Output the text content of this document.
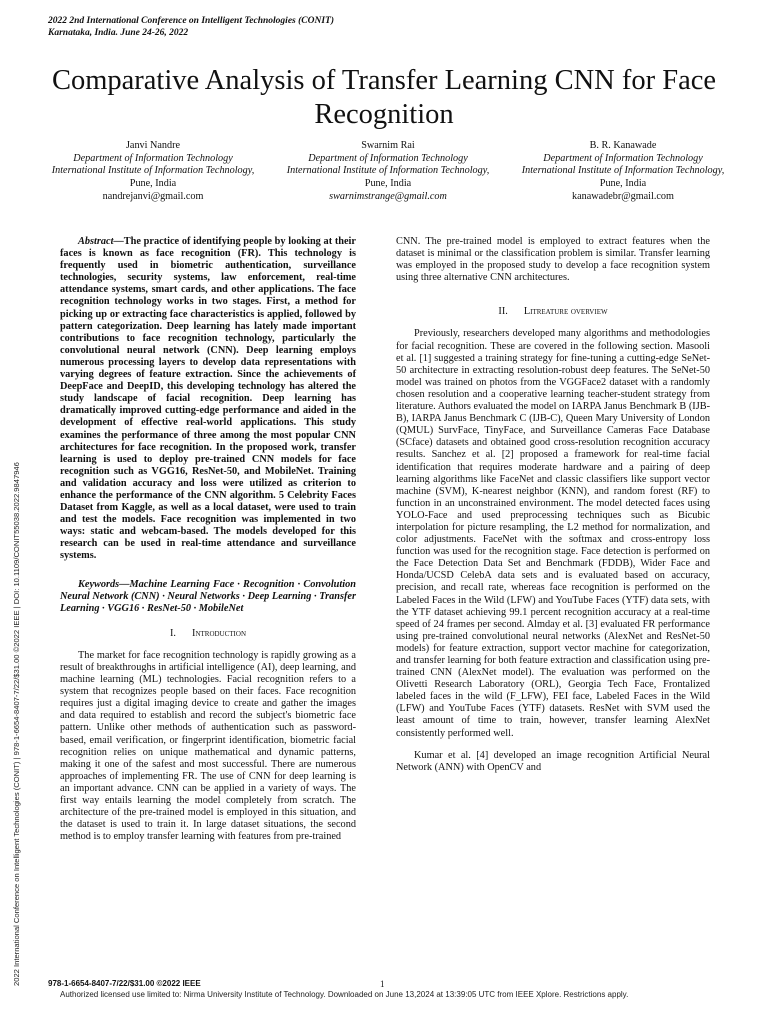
2022 2nd International Conference on Intelligent Technologies (CONIT)
Karnataka, India. June 24-26, 2022
Comparative Analysis of Transfer Learning CNN for Face Recognition
Janvi Nandre
Department of Information Technology
International Institute of Information Technology,
Pune, India
nandrejanvi@gmail.com
Swarnim Rai
Department of Information Technology
International Institute of Information Technology,
Pune, India
swarnimstrange@gmail.com
B. R. Kanawade
Department of Information Technology
International Institute of Information Technology,
Pune, India
kanawadebr@gmail.com
2022 International Conference on Intelligent Technologies (CONIT) | 978-1-6654-8407-7/22/$31.00 ©2022 IEEE | DOI: 10.1109/CONIT55038.2022.9847946

Abstract—The practice of identifying people by looking at their faces is known as face recognition (FR). This technology is frequently used in biometric authentication, surveillance technologies, security systems, law enforcement, real-time attendance systems, smart cards, and other applications. The face recognition technology works in two stages. First, a method for picking up or extracting face characteristics is applied, followed by pattern categorization. Deep learning has lately made important contributions to face recognition technology, particularly the convolutional neural network (CNN). Deep learning employs numerous processing layers to develop data representations with varying degrees of feature extraction. Since the achievements of DeepFace and DeepID, this developing technology has altered the study landscape of facial recognition. Deep learning has dramatically improved cutting-edge performance and aided in the development of effective real-world applications. This study examines the performance of three among the most popular CNN architectures for face recognition. In the proposed work, transfer learning is used to deploy pre-trained CNN models for face recognition such as VGG16, ResNet-50, and MobileNet. Training and validation accuracy and loss were utilized as criterion to enhance the performance of the CNN algorithm. 5 Celebrity Faces Dataset from Kaggle, as well as a local dataset, were used to train and test the models. Face recognition was implemented in two ways: static and webcam-based. The models developed for this research can be used in real-time attendance and surveillance systems.

Keywords—Machine Learning Face · Recognition · Convolution Neural Network (CNN) · Neural Networks · Deep Learning · Transfer Learning · VGG16 · ResNet-50 · MobileNet

I. Introduction

The market for face recognition technology is rapidly growing as a result of breakthroughs in artificial intelligence (AI), deep learning, and machine learning (ML) technologies. Facial recognition refers to a system that recognizes people based on their faces. Face recognition requires just a digital imaging device to create and gather the images and data required to establish and record the subject's biometric face pattern. Unlike other methods of authentication such as password-based, email verification, or fingerprint identification, biometric facial recognition relies on unique mathematical and dynamic patterns, making it one of the safest and most successful. There are numerous approaches of implementing FR. The use of CNN for deep learning is an important advance. CNN can be applied in a variety of ways. The first way entails learning the model completely from scratch. The architecture of the pre-trained model is employed in this situation, and the dataset is used to train it. In large dataset situations, the second method is to employ transfer learning with features from pre-trained

CNN. The pre-trained model is employed to extract features when the dataset is minimal or the classification problem is similar. Transfer learning was employed in the proposed study to develop a face recognition system using three alternative CNN architectures.

II. Litreature overview

Previously, researchers developed many algorithms and methodologies for facial recognition. These are covered in the following section. Masooli et al. [1] suggested a training strategy for fine-tuning a cutting-edge SeNet-50 architecture in extracting resolution-robust deep features. The SeNet-50 model was trained on photos from the VGGFace2 dataset with a randomly chosen resolution and a cooperative learning teacher-student strategy from literature. Authors evaluated the model on IARPA Janus Benchmark B (IJB-B), IARPA Janus Benchmark C (IJB-C), Queen Mary University of London (QMUL) SurvFace, TinyFace, and Surveillance Cameras Face Database (SCface) datasets and obtained good cross-resolution recognition accuracy results. Sanchez et al. [2] proposed a framework for real-time facial identification that requires moderate hardware and a pairing of deep learning algorithms like FaceNet and classic classifiers like support vector machine (SVM), K-nearest neighbor (KNN), and random forest (RF) to function in an unconstrained environment. The model detected faces using YOLO-Face and used preprocessing techniques such as Bicubic interpolation for picture resampling, the L2 method for normalization, and color adjustments. FaceNet with the softmax and cross-entropy loss function was used for the recognition stage. Face detection is performed on the Face Detection Data Set and Benchmark (FDDB), Wider Face and Honda/UCSD CelebA data sets and is evaluated based on accuracy, precision, and recall rate, whereas face recognition is performed on the Labeled Faces in the Wild (LFW) and YouTube Faces (YTF) data sets, with the YTF dataset achieving 99.1 percent recognition accuracy at a real-time speed of 24 frames per second. Almday et al. [3] evaluated FR performance using pre-trained convolutional neural networks (AlexNet and ResNet-50 models) for feature extraction, support vector machine for categorization, and transfer learning for both feature extraction and classification using pre-trained CNN (AlexNet model). The evaluation was performed on the Olivetti Research Laboratory (ORL), Georgia Tech Face, Frontalized labeled faces in the wild (F_LFW), FEI face, Labeled Faces in the Wild (LFW) and YouTube Faces (YTF) datasets. ResNet with SVM used the least amount of time to train, however, transfer learning AlexNet consistently performed well.

Kumar et al. [4] developed an image recognition Artificial Neural Network (ANN) with OpenCV and

978-1-6654-8407-7/22/$31.00 ©2022 IEEE	1
Authorized licensed use limited to: Nirma University Institute of Technology. Downloaded on June 13,2024 at 13:39:05 UTC from IEEE Xplore. Restrictions apply.
